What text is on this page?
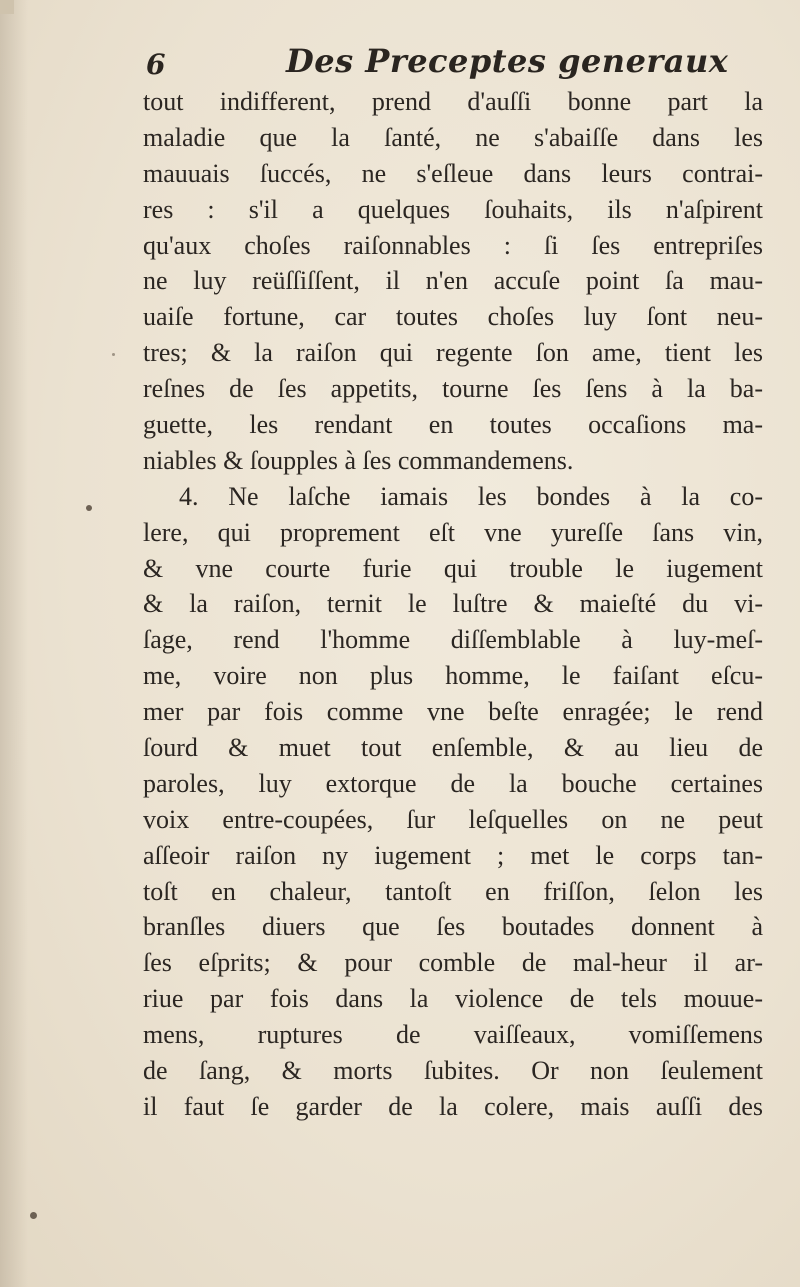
6	Des Preceptes generaux
tout indifferent, prend d'auſſi bonne part la
maladie que la ſanté, ne s'abaiſſe dans les
mauuais ſuccés, ne s'eſleue dans leurs contrai-
res : s'il a quelques ſouhaits, ils n'aſpirent
qu'aux choſes raiſonnables : ſi ſes entrepriſes
ne luy reüſſiſſent, il n'en accuſe point ſa mau-
uaiſe fortune, car toutes choſes luy ſont neu-
tres; & la raiſon qui regente ſon ame, tient les
reſnes de ſes appetits, tourne ſes ſens à la ba-
guette, les rendant en toutes occaſions ma-
niables & ſoupples à ſes commandemens.
4. Ne laſche iamais les bondes à la co-
lere, qui proprement eſt vne yureſſe ſans vin,
& vne courte furie qui trouble le iugement
& la raiſon, ternit le luſtre & maieſté du vi-
ſage, rend l'homme diſſemblable à luy-meſ-
me, voire non plus homme, le faiſant eſcu-
mer par fois comme vne beſte enragée; le rend
ſourd & muet tout enſemble, & au lieu de
paroles, luy extorque de la bouche certaines
voix entre-coupées, ſur leſquelles on ne peut
aſſeoir raiſon ny iugement ; met le corps tan-
toſt en chaleur, tantoſt en friſſon, ſelon les
branſles diuers que ſes boutades donnent à
ſes eſprits; & pour comble de mal-heur il ar-
riue par fois dans la violence de tels mouue-
mens, ruptures de vaiſſeaux, vomiſſemens
de ſang, & morts ſubites. Or non ſeulement
il faut ſe garder de la colere, mais auſſi des
